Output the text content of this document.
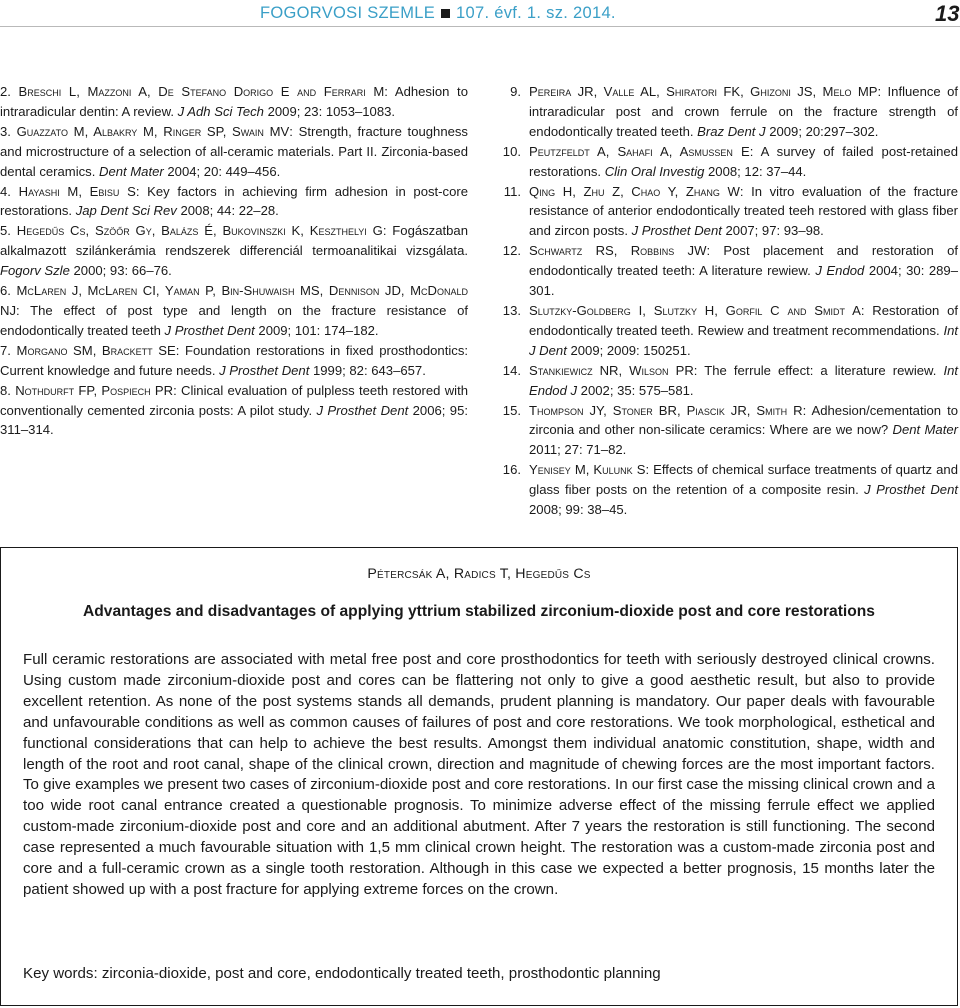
FOGORVOSI SZEMLE 107. évf. 1. sz. 2014.	13
2. Breschi L, Mazzoni A, De Stefano Dorigo E and Ferrari M: Adhesion to intraradicular dentin: A review. J Adh Sci Tech 2009; 23: 1053–1083.
3. Guazzato M, Albakry M, Ringer SP, Swain MV: Strength, fracture toughness and microstructure of a selection of all-ceramic materials. Part II. Zirconia-based dental ceramics. Dent Mater 2004; 20: 449–456.
4. Hayashi M, Ebisu S: Key factors in achieving firm adhesion in post-core restorations. Jap Dent Sci Rev 2008; 44: 22–28.
5. Hegedűs Cs, Szöőr Gy, Balázs É, Bukovinszki K, Keszthelyi G: Fogászatban alkalmazott szilánkerámia rendszerek differenciál termoanalitikai vizsgálata. Fogorv Szle 2000; 93: 66–76.
6. McLaren J, McLaren CI, Yaman P, Bin-Shuwaish MS, Dennison JD, McDonald NJ: The effect of post type and length on the fracture resistance of endodontically treated teeth J Prosthet Dent 2009; 101: 174–182.
7. Morgano SM, Brackett SE: Foundation restorations in fixed prosthodontics: Current knowledge and future needs. J Prosthet Dent 1999; 82: 643–657.
8. Nothdurft FP, Pospiech PR: Clinical evaluation of pulpless teeth restored with conventionally cemented zirconia posts: A pilot study. J Prosthet Dent 2006; 95: 311–314.
9. Pereira JR, Valle AL, Shiratori FK, Ghizoni JS, Melo MP: Influence of intraradicular post and crown ferrule on the fracture strength of endodontically treated teeth. Braz Dent J 2009; 20:297–302.
10. Peutzfeldt A, Sahafi A, Asmussen E: A survey of failed post-retained restorations. Clin Oral Investig 2008; 12: 37–44.
11. Qing H, Zhu Z, Chao Y, Zhang W: In vitro evaluation of the fracture resistance of anterior endodontically treated teeh restored with glass fiber and zircon posts. J Prosthet Dent 2007; 97: 93–98.
12. Schwartz RS, Robbins JW: Post placement and restoration of endodontically treated teeth: A literature rewiew. J Endod 2004; 30: 289–301.
13. Slutzky-Goldberg I, Slutzky H, Gorfil C and Smidt A: Restoration of endodontically treated teeth. Rewiew and treatment recommendations. Int J Dent 2009; 2009: 150251.
14. Stankiewicz NR, Wilson PR: The ferrule effect: a literature rewiew. Int Endod J 2002; 35: 575–581.
15. Thompson JY, Stoner BR, Piascik JR, Smith R: Adhesion/cementation to zirconia and other non-silicate ceramics: Where are we now? Dent Mater 2011; 27: 71–82.
16. Yenisey M, Kulunk S: Effects of chemical surface treatments of quartz and glass fiber posts on the retention of a composite resin. J Prosthet Dent 2008; 99: 38–45.
Pétercsák A, Radics T, Hegedűs Cs
Advantages and disadvantages of applying yttrium stabilized zirconium-dioxide post and core restorations
Full ceramic restorations are associated with metal free post and core prosthodontics for teeth with seriously destroyed clinical crowns. Using custom made zirconium-dioxide post and cores can be flattering not only to give a good aesthetic result, but also to provide excellent retention. As none of the post systems stands all demands, prudent planning is mandatory. Our paper deals with favourable and unfavourable conditions as well as common causes of failures of post and core restorations. We took morphological, esthetical and functional considerations that can help to achieve the best results. Amongst them individual anatomic constitution, shape, width and length of the root and root canal, shape of the clinical crown, direction and magnitude of chewing forces are the most important factors. To give examples we present two cases of zirconium-dioxide post and core restorations. In our first case the missing clinical crown and a too wide root canal entrance created a questionable prognosis. To minimize adverse effect of the missing ferrule effect we applied custom-made zirconium-dioxide post and core and an additional abutment. After 7 years the restoration is still functioning. The second case represented a much favourable situation with 1,5 mm clinical crown height. The restoration was a custom-made zirconia post and core and a full-ceramic crown as a single tooth restoration. Although in this case we expected a better prognosis, 15 months later the patient showed up with a post fracture for applying extreme forces on the crown.
Key words: zirconia-dioxide, post and core, endodontically treated teeth, prosthodontic planning
